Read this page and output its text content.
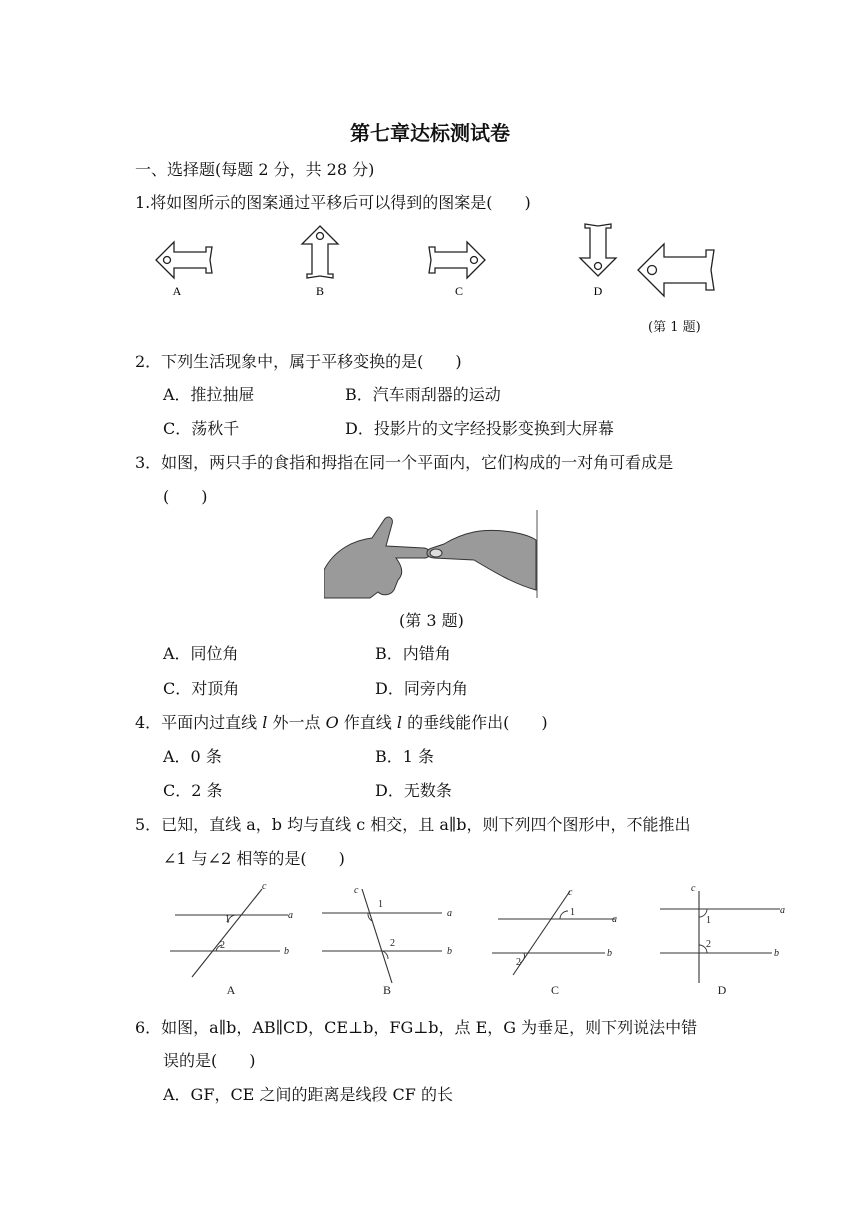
第七章达标测试卷
一、选择题(每题 2 分，共 28 分)
1.将如图所示的图案通过平移后可以得到的图案是(　　)
A	B	C	D
(第 1 题)
2．下列生活现象中，属于平移变换的是(　　)
A．推拉抽屉	B．汽车雨刮器的运动
C．荡秋千	D．投影片的文字经投影变换到大屏幕
3．如图，两只手的食指和拇指在同一个平面内，它们构成的一对角可看成是
(　　)
(第 3 题)
A．同位角	B．内错角
C．对顶角	D．同旁内角
4．平面内过直线 l 外一点 O 作直线 l 的垂线能作出(　　)
A．0 条	B．1 条
C．2 条	D．无数条
5．已知，直线 a，b 均与直线 c 相交，且 a∥b，则下列四个图形中，不能推出
∠1 与∠2 相等的是(　　)
c
a
b
c
a
b
c
a
b
c
a
b
1
2
1
2
1
2
1
2
A	B	C	D
6．如图，a∥b，AB∥CD，CE⊥b，FG⊥b，点 E，G 为垂足，则下列说法中错
误的是(　　)
A．GF，CE 之间的距离是线段 CF 的长
